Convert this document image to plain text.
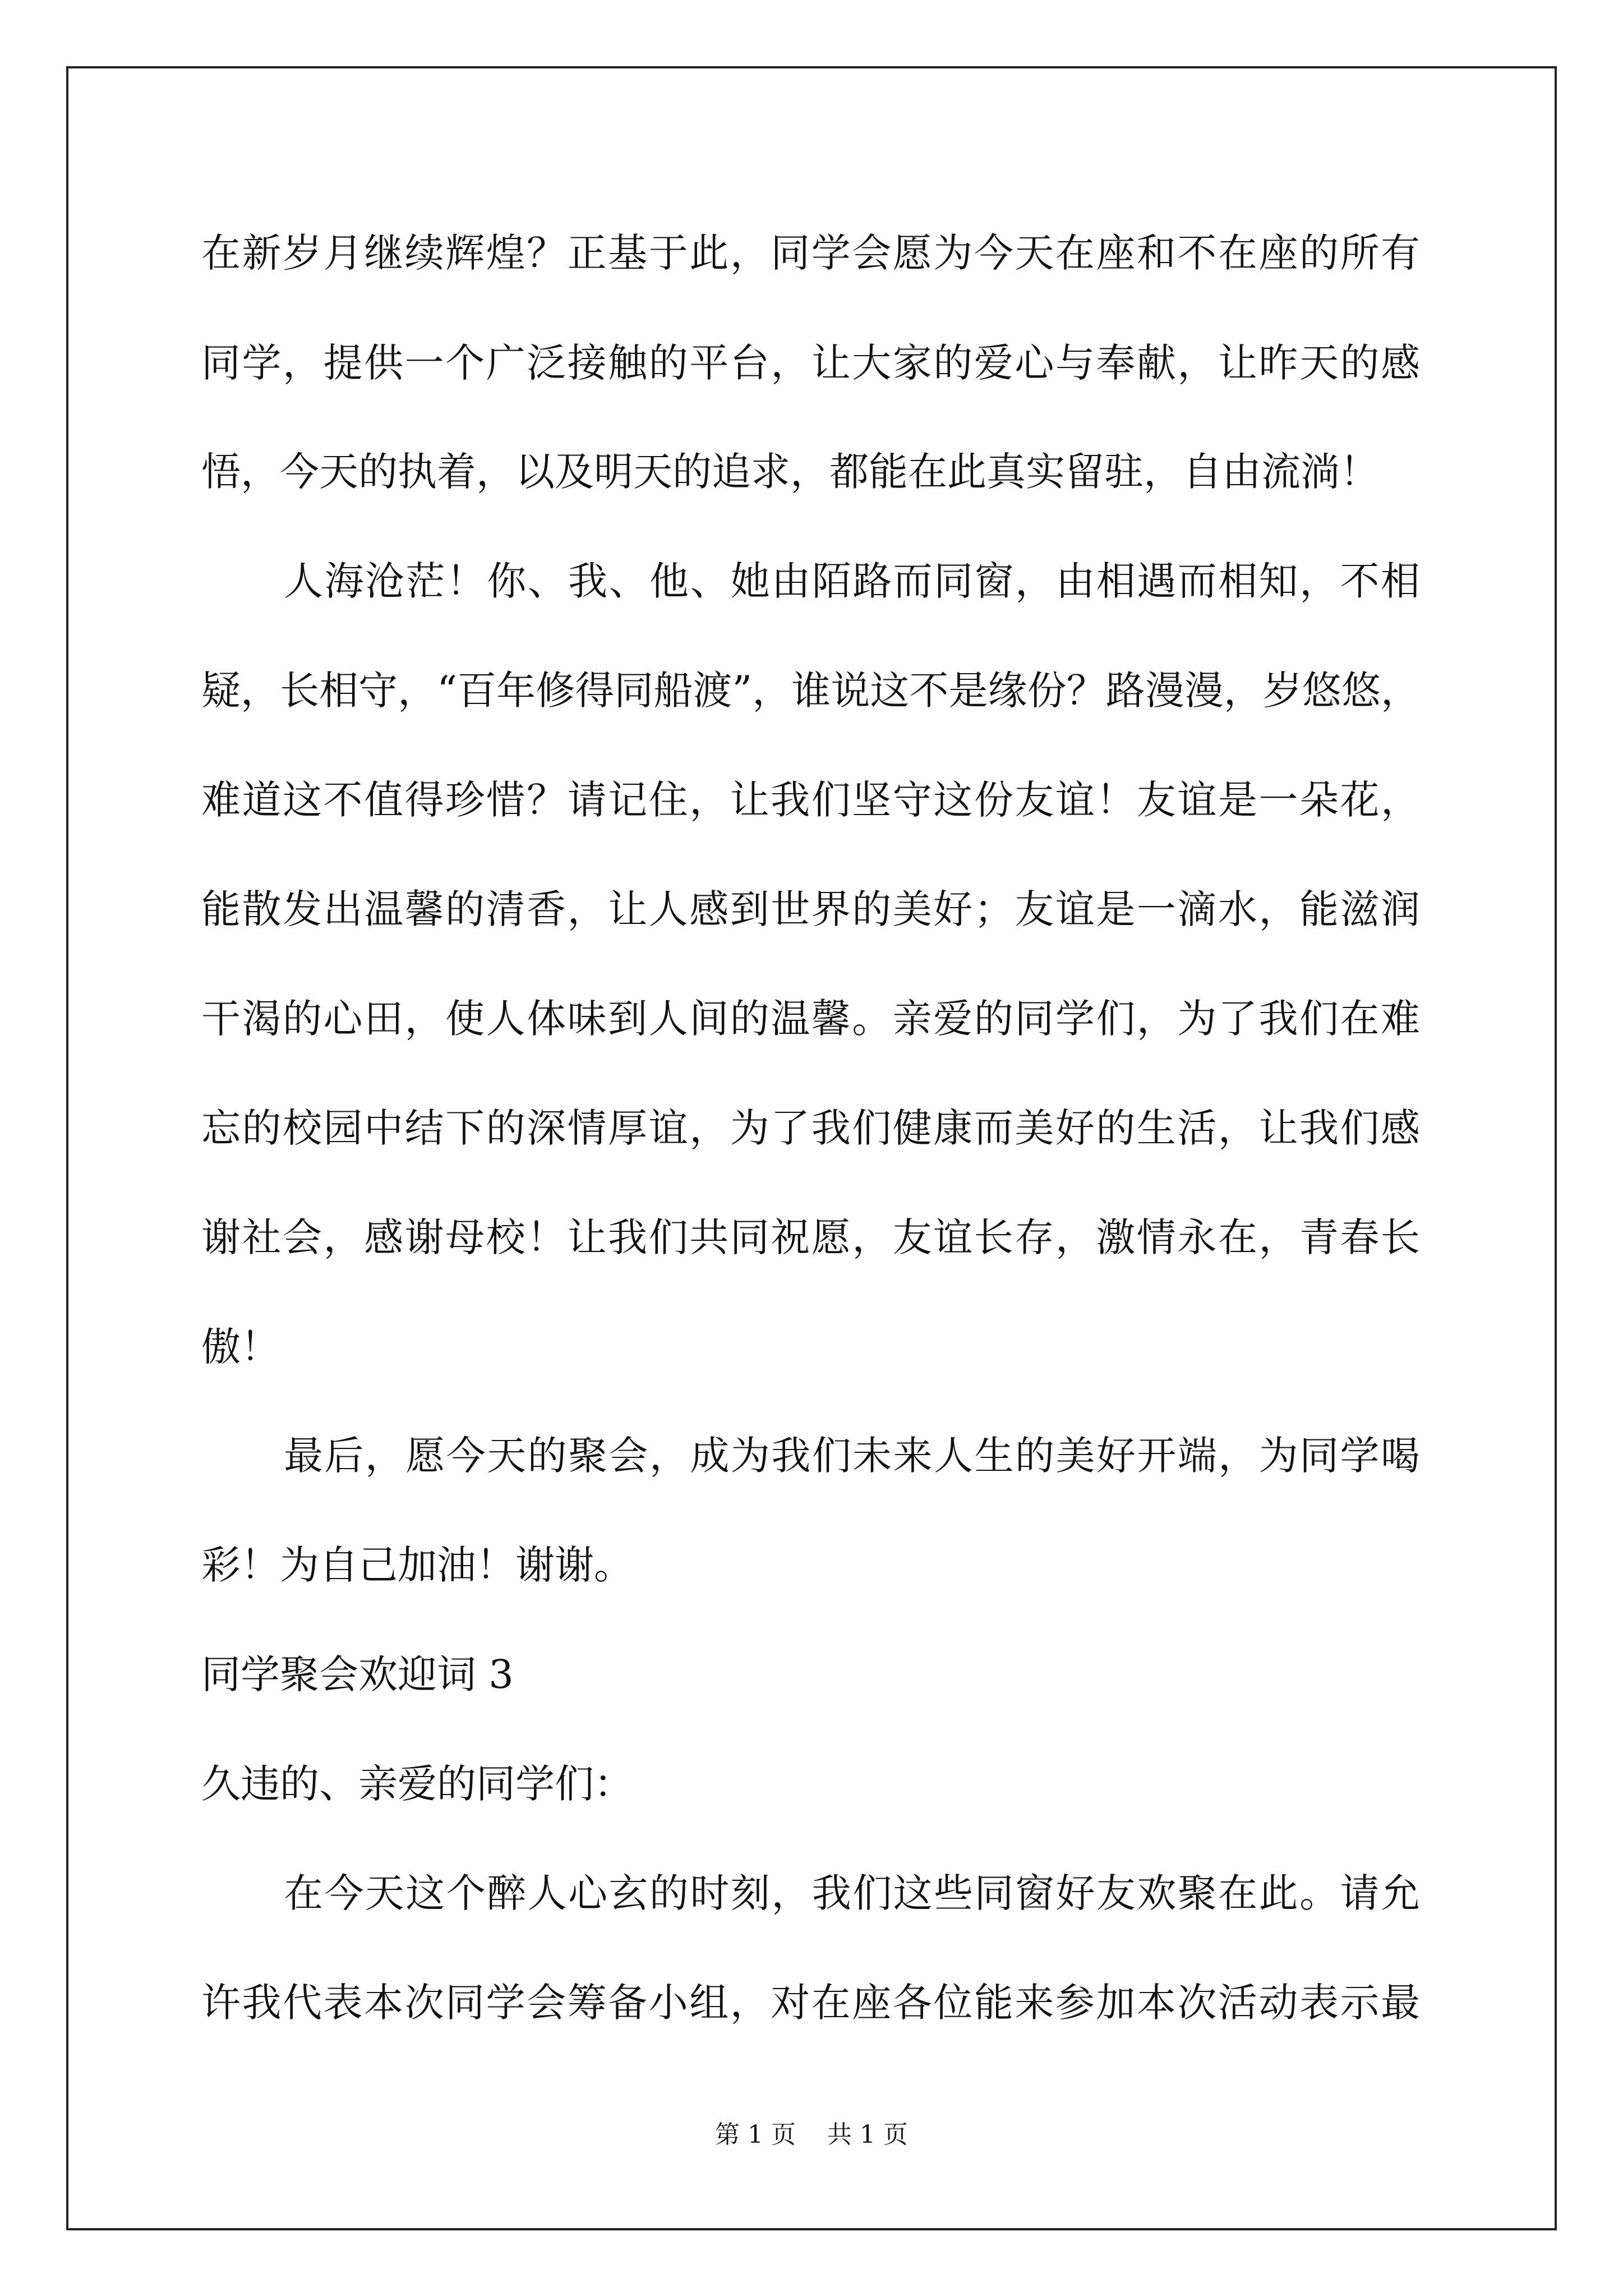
在新岁月继续辉煌？正基于此，同学会愿为今天在座和不在座的所有
同学，提供一个广泛接触的平台，让大家的爱心与奉献，让昨天的感
悟，今天的执着，以及明天的追求，都能在此真实留驻，自由流淌！
人海沧茫！你、我、他、她由陌路而同窗，由相遇而相知，不相
疑，长相守，“百年修得同船渡”，谁说这不是缘份？路漫漫，岁悠悠，
难道这不值得珍惜？请记住，让我们坚守这份友谊！友谊是一朵花，
能散发出温馨的清香，让人感到世界的美好；友谊是一滴水，能滋润
干渴的心田，使人体味到人间的温馨。亲爱的同学们，为了我们在难
忘的校园中结下的深情厚谊，为了我们健康而美好的生活，让我们感
谢社会，感谢母校！让我们共同祝愿，友谊长存，激情永在，青春长
傲！
最后，愿今天的聚会，成为我们未来人生的美好开端，为同学喝
彩！为自己加油！谢谢。
同学聚会欢迎词 3
久违的、亲爱的同学们：
在今天这个醉人心玄的时刻，我们这些同窗好友欢聚在此。请允
许我代表本次同学会筹备小组，对在座各位能来参加本次活动表示最
第 1 页    共 1 页
